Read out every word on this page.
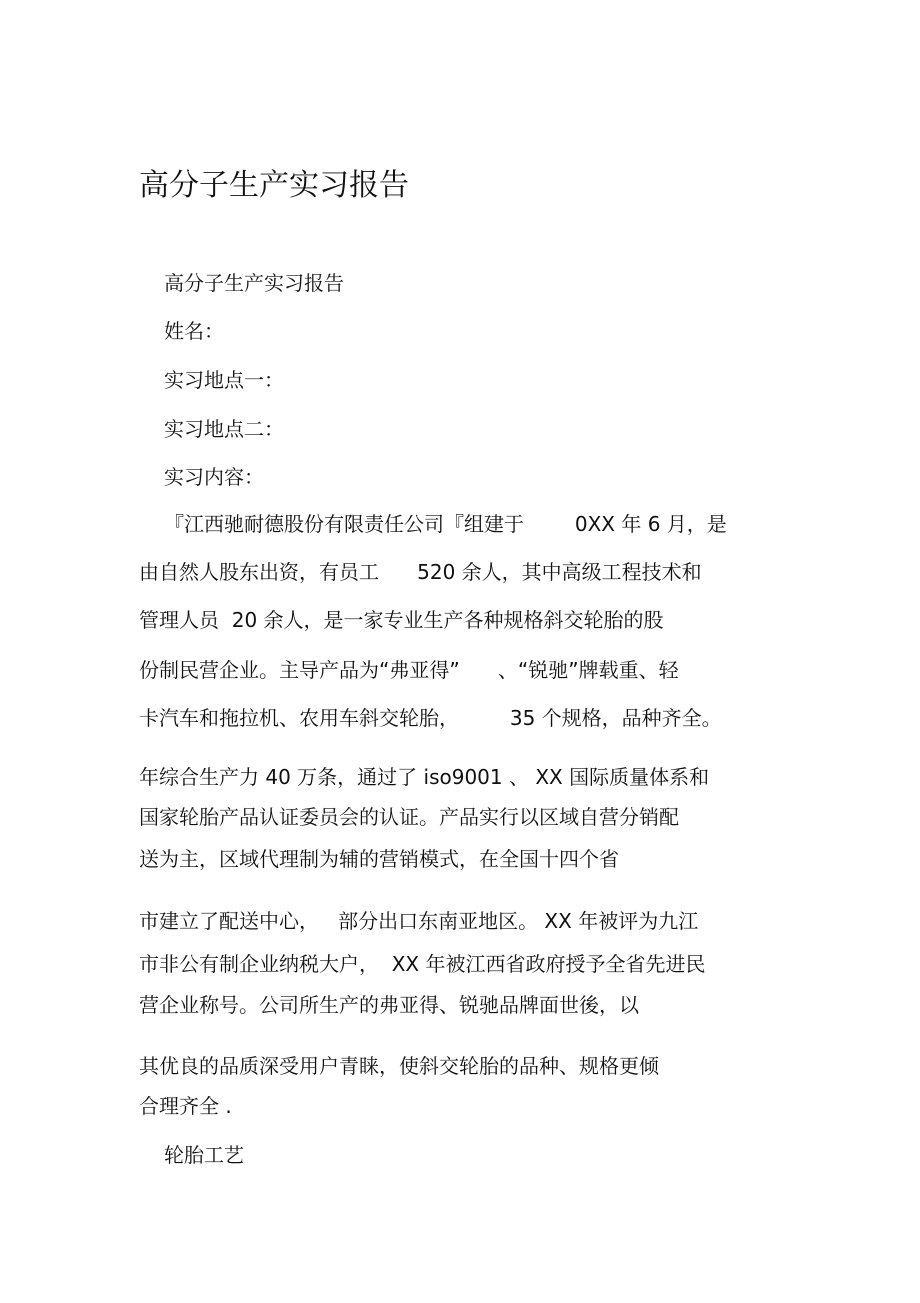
高分子生产实习报告
高分子生产实习报告
姓名：
实习地点一：
实习地点二：
实习内容：
『江西驰耐德股份有限责任公司『组建于        0XX 年 6 月，是
由自然人股东出资，有员工      520 余人，其中高级工程技术和
管理人员  20 余人，是一家专业生产各种规格斜交轮胎的股
份制民营企业。主导产品为“弗亚得”      、“锐驰”牌载重、轻
卡汽车和拖拉机、农用车斜交轮胎，        35 个规格，品种齐全。
年综合生产力 40 万条，通过了 iso9001 、 XX 国际质量体系和
国家轮胎产品认证委员会的认证。产品实行以区域自营分销配
送为主，区域代理制为辅的营销模式，在全国十四个省
市建立了配送中心，   部分出口东南亚地区。 XX 年被评为九江
市非公有制企业纳税大户，  XX 年被江西省政府授予全省先进民
营企业称号。公司所生产的弗亚得、锐驰品牌面世後，以
其优良的品质深受用户青睐，使斜交轮胎的品种、规格更倾
合理齐全 .
轮胎工艺
